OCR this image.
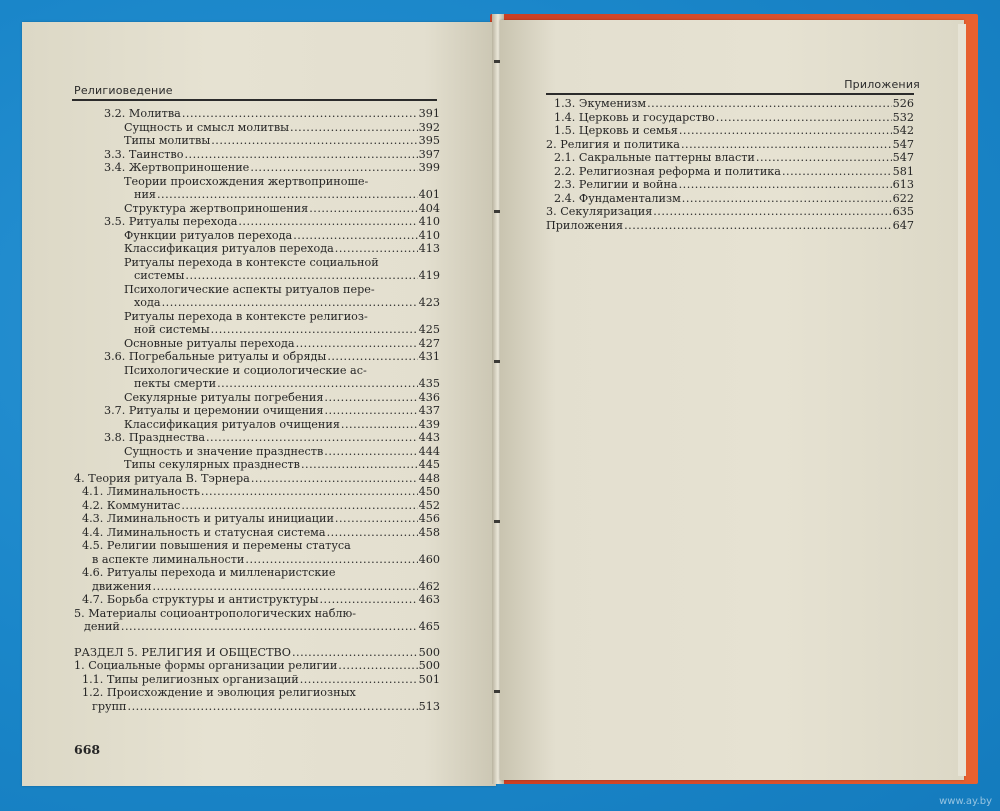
Религиоведение
3.2. Молитва .....	391
Сущность и смысл молитвы .....	392
Типы молитвы .....	395
3.3. Таинство .....	397
3.4. Жертвоприношение .....	399
Теории происхождения жертвоприноше-
ния .....	401
Структура жертвоприношения .....	404
3.5. Ритуалы перехода .....	410
Функции ритуалов перехода .....	410
Классификация ритуалов перехода .....	413
Ритуалы перехода в контексте социальной
системы .....	419
Психологические аспекты ритуалов пере-
хода .....	423
Ритуалы перехода в контексте религиоз-
ной системы .....	425
Основные ритуалы перехода .....	427
3.6. Погребальные ритуалы и обряды .....	431
Психологические и социологические ас-
пекты смерти .....	435
Секулярные ритуалы погребения .....	436
3.7. Ритуалы и церемонии очищения .....	437
Классификация ритуалов очищения .....	439
3.8. Празднества .....	443
Сущность и значение празднеств .....	444
Типы секулярных празднеств .....	445
4. Теория ритуала В. Тэрнера .....	448
4.1. Лиминальность .....	450
4.2. Коммунитас .....	452
4.3. Лиминальность и ритуалы инициации .....	456
4.4. Лиминальность и статусная система .....	458
4.5. Религии повышения и перемены статуса
в аспекте лиминальности .....	460
4.6. Ритуалы перехода и милленаристские
движения .....	462
4.7. Борьба структуры и антиструктуры .....	463
5. Материалы социоантропологических наблю-
дений .....	465
РАЗДЕЛ 5. РЕЛИГИЯ И ОБЩЕСТВО .....	500
1. Социальные формы организации религии .....	500
1.1. Типы религиозных организаций .....	501
1.2. Происхождение и эволюция религиозных
групп .....	513
668
Приложения
1.3. Экуменизм .....	526
1.4. Церковь и государство .....	532
1.5. Церковь и семья .....	542
2. Религия и политика .....	547
2.1. Сакральные паттерны власти .....	547
2.2. Религиозная реформа и политика .....	581
2.3. Религии и война .....	613
2.4. Фундаментализм .....	622
3. Секуляризация .....	635
Приложения .....	647
www.ay.by
